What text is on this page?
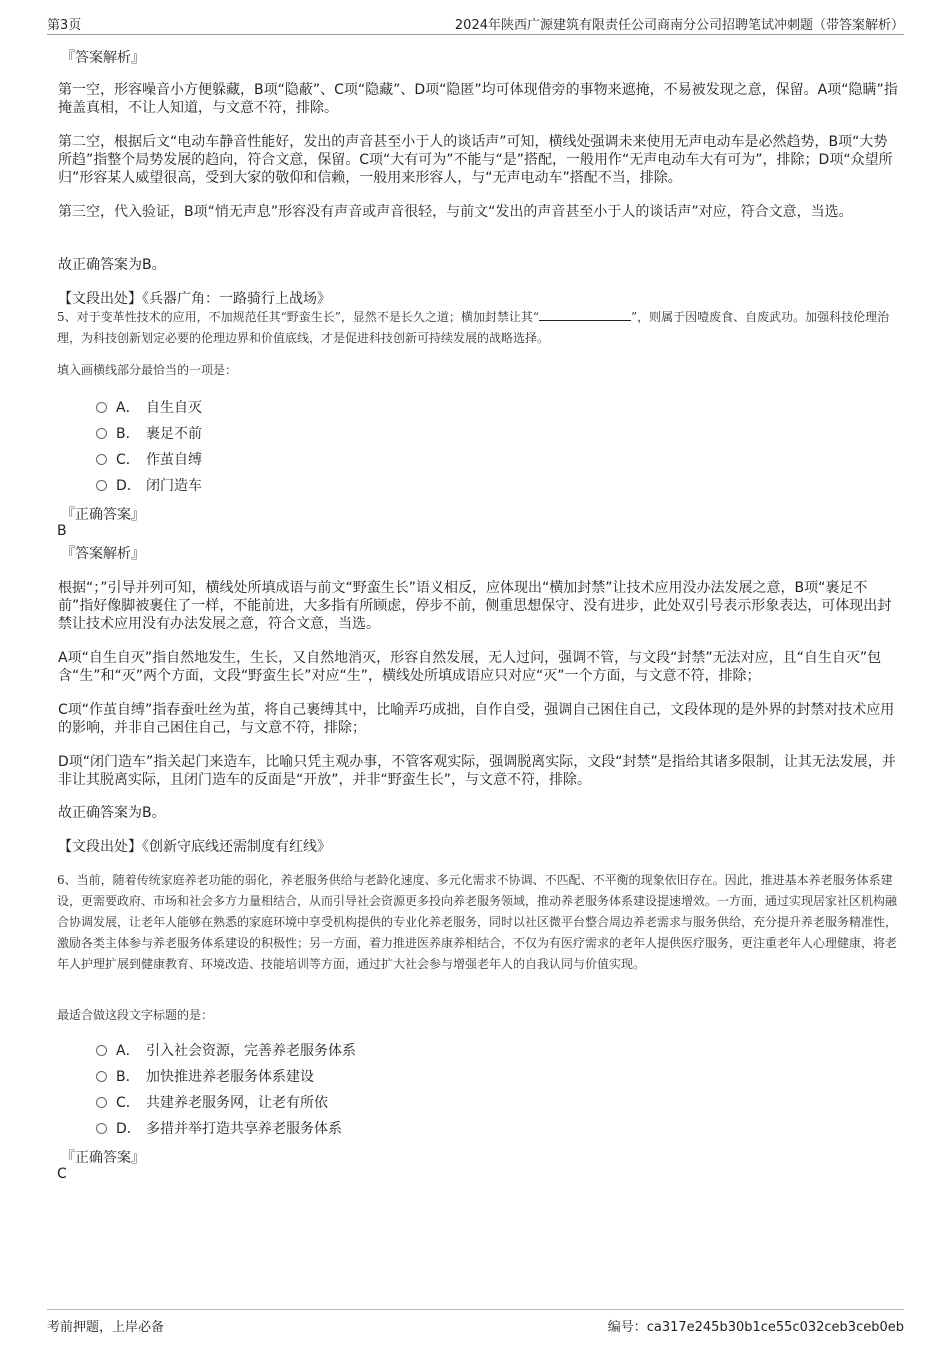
第3页	2024年陕西广源建筑有限责任公司商南分公司招聘笔试冲刺题（带答案解析）
『答案解析』
第一空，形容噪音小方便躲藏，B项“隐蔽”、C项“隐藏”、D项“隐匿”均可体现借旁的事物来遮掩，不易被发现之意，保留。A项“隐瞒”指掩盖真相，不让人知道，与文意不符，排除。
第二空，根据后文“电动车静音性能好，发出的声音甚至小于人的谈话声”可知，横线处强调未来使用无声电动车是必然趋势，B项“大势所趋”指整个局势发展的趋向，符合文意，保留。C项“大有可为”不能与“是”搭配，一般用作“无声电动车大有可为”，排除；D项“众望所归”形容某人威望很高，受到大家的敬仰和信赖，一般用来形容人，与“无声电动车”搭配不当，排除。
第三空，代入验证，B项“悄无声息”形容没有声音或声音很轻，与前文“发出的声音甚至小于人的谈话声”对应，符合文意，当选。
故正确答案为B。
【文段出处】《兵器广角：一路骑行上战场》
5、对于变革性技术的应用，不加规范任其“野蛮生长”，显然不是长久之道；横加封禁让其“	”，则属于因噎废食、自废武功。加强科技伦理治理，为科技创新划定必要的伦理边界和价值底线，才是促进科技创新可持续发展的战略选择。
填入画横线部分最恰当的一项是：
A． 自生自灭
B． 裹足不前
C． 作茧自缚
D． 闭门造车
『正确答案』
B
『答案解析』
根据“；”引导并列可知，横线处所填成语与前文“野蛮生长”语义相反，应体现出“横加封禁”让技术应用没办法发展之意，B项“裹足不前”指好像脚被裹住了一样，不能前进，大多指有所顾虑，停步不前，侧重思想保守、没有进步，此处双引号表示形象表达，可体现出封禁让技术应用没有办法发展之意，符合文意，当选。
A项“自生自灭”指自然地发生，生长，又自然地消灭，形容自然发展，无人过问，强调不管，与文段“封禁”无法对应，且“自生自灭”包含“生”和“灭”两个方面，文段“野蛮生长”对应“生”，横线处所填成语应只对应“灭”一个方面，与文意不符，排除；
C项“作茧自缚”指春蚕吐丝为茧，将自己裹缚其中，比喻弄巧成拙，自作自受，强调自己困住自己，文段体现的是外界的封禁对技术应用的影响，并非自己困住自己，与文意不符，排除；
D项“闭门造车”指关起门来造车，比喻只凭主观办事，不管客观实际，强调脱离实际，文段“封禁”是指给其诸多限制，让其无法发展，并非让其脱离实际，且闭门造车的反面是“开放”，并非“野蛮生长”，与文意不符，排除。
故正确答案为B。
【文段出处】《创新守底线还需制度有红线》
6、当前，随着传统家庭养老功能的弱化，养老服务供给与老龄化速度、多元化需求不协调、不匹配、不平衡的现象依旧存在。因此，推进基本养老服务体系建设，更需要政府、市场和社会多方力量相结合，从而引导社会资源更多投向养老服务领域，推动养老服务体系建设提速增效。一方面，通过实现居家社区机构融合协调发展，让老年人能够在熟悉的家庭环境中享受机构提供的专业化养老服务，同时以社区微平台整合周边养老需求与服务供给，充分提升养老服务精准性，激励各类主体参与养老服务体系建设的积极性；另一方面，着力推进医养康养相结合，不仅为有医疗需求的老年人提供医疗服务，更注重老年人心理健康，将老年人护理扩展到健康教育、环境改造、技能培训等方面，通过扩大社会参与增强老年人的自我认同与价值实现。
最适合做这段文字标题的是：
A． 引入社会资源，完善养老服务体系
B． 加快推进养老服务体系建设
C． 共建养老服务网，让老有所依
D． 多措并举打造共享养老服务体系
『正确答案』
C
考前押题，上岸必备	编号：ca317e245b30b1ce55c032ceb3ceb0eb
